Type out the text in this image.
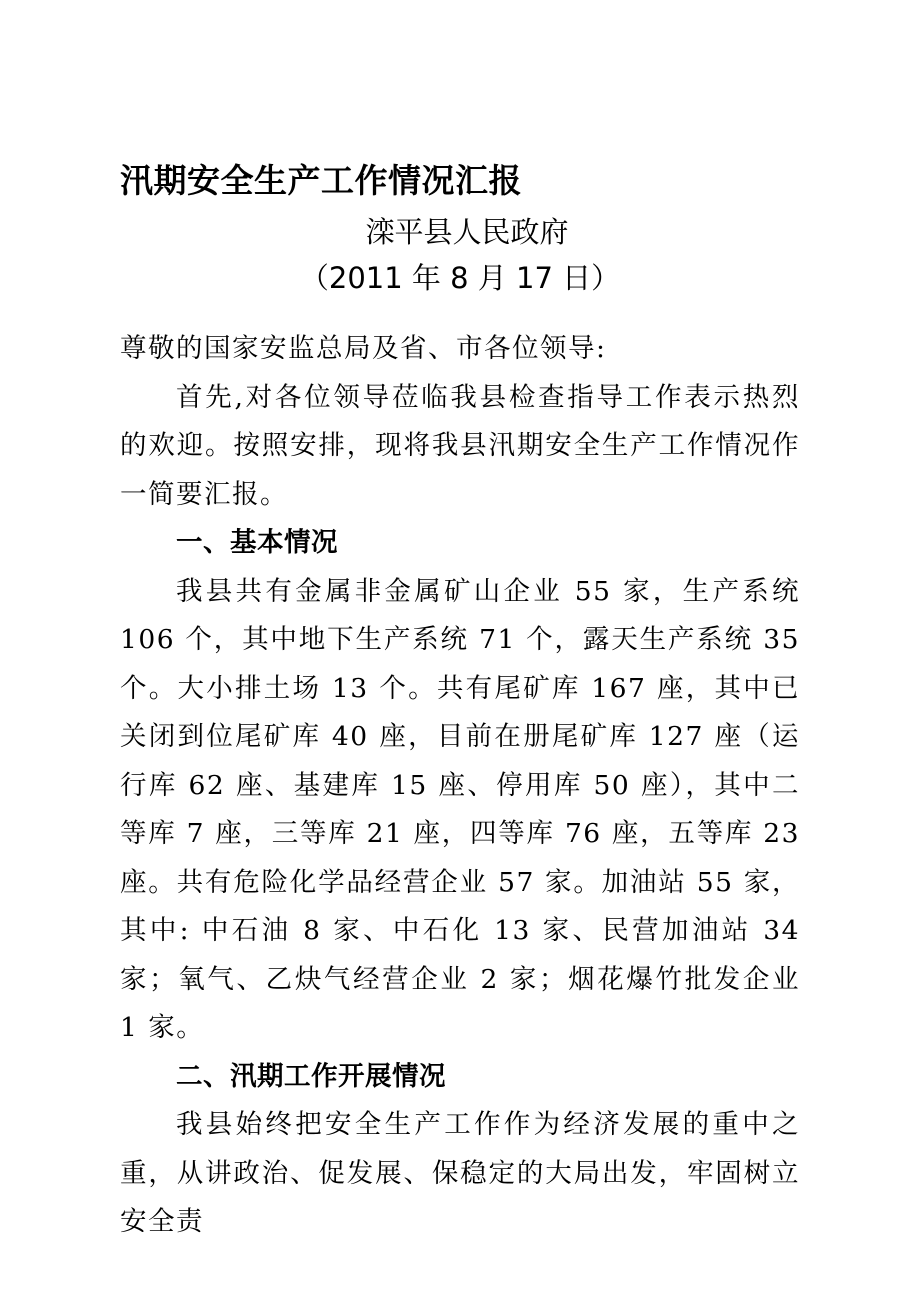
汛期安全生产工作情况汇报
滦平县人民政府
（2011 年 8 月 17 日）

尊敬的国家安监总局及省、市各位领导:

首先,对各位领导莅临我县检查指导工作表示热烈的欢迎。按照安排，现将我县汛期安全生产工作情况作一简要汇报。

一、基本情况

我县共有金属非金属矿山企业 55 家，生产系统 106 个，其中地下生产系统 71 个，露天生产系统 35 个。大小排土场 13 个。共有尾矿库 167 座，其中已关闭到位尾矿库 40 座，目前在册尾矿库 127 座（运行库 62 座、基建库 15 座、停用库 50 座），其中二等库 7 座，三等库 21 座，四等库 76 座，五等库 23 座。共有危险化学品经营企业 57 家。加油站 55 家，其中: 中石油 8 家、中石化 13 家、民营加油站 34 家；氧气、乙炔气经营企业 2 家；烟花爆竹批发企业 1 家。

二、汛期工作开展情况

我县始终把安全生产工作作为经济发展的重中之重，从讲政治、促发展、保稳定的大局出发，牢固树立安全责
